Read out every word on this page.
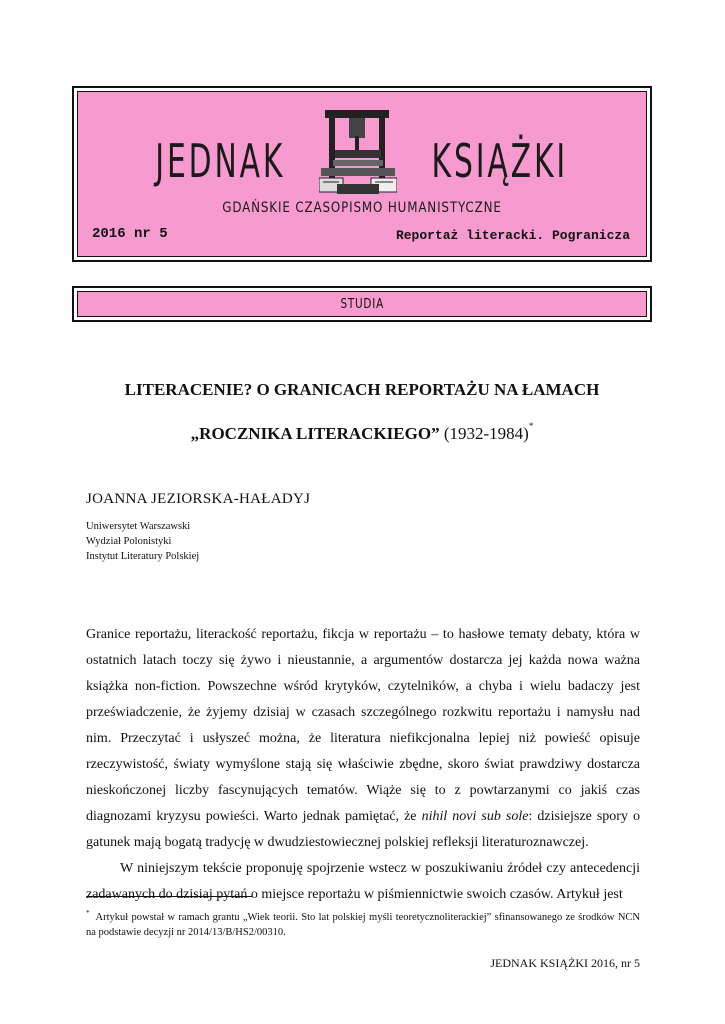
JEDNAK	KSIĄŻKI
GDAŃSKIE CZASOPISMO HUMANISTYCZNE
2016 nr 5	Reportaż literacki. Pogranicza
STUDIA
LITERACENIE? O GRANICACH REPORTAŻU NA ŁAMACH
„ROCZNIKA LITERACKIEGO” (1932-1984)*
JOANNA JEZIORSKA-HAŁADYJ
Uniwersytet Warszawski
Wydział Polonistyki
Instytut Literatury Polskiej

Granice reportażu, literackość reportażu, fikcja w reportażu – to hasłowe tematy debaty, która w ostatnich latach toczy się żywo i nieustannie, a argumentów dostarcza jej każda nowa ważna książka non-fiction. Powszechne wśród krytyków, czytelników, a chyba i wielu badaczy jest przeświadczenie, że żyjemy dzisiaj w czasach szczególnego rozkwitu reportażu i namysłu nad nim. Przeczytać i usłyszeć można, że literatura niefikcjonalna lepiej niż powieść opisuje rzeczywistość, światy wymyślone stają się właściwie zbędne, skoro świat prawdziwy dostarcza nieskończonej liczby fascynujących tematów. Wiąże się to z powtarzanymi co jakiś czas diagnozami kryzysu powieści. Warto jednak pamiętać, że nihil novi sub sole: dzisiejsze spory o gatunek mają bogatą tradycję w dwudziestowiecznej polskiej refleksji literaturoznawczej.

W niniejszym tekście proponuję spojrzenie wstecz w poszukiwaniu źródeł czy antecedencji zadawanych do dzisiaj pytań o miejsce reportażu w piśmiennictwie swoich czasów. Artykuł jest

* Artykuł powstał w ramach grantu „Wiek teorii. Sto lat polskiej myśli teoretycznoliterackiej” sfinansowanego ze środków NCN na podstawie decyzji nr 2014/13/B/HS2/00310.
JEDNAK KSIĄŻKI 2016, nr 5
